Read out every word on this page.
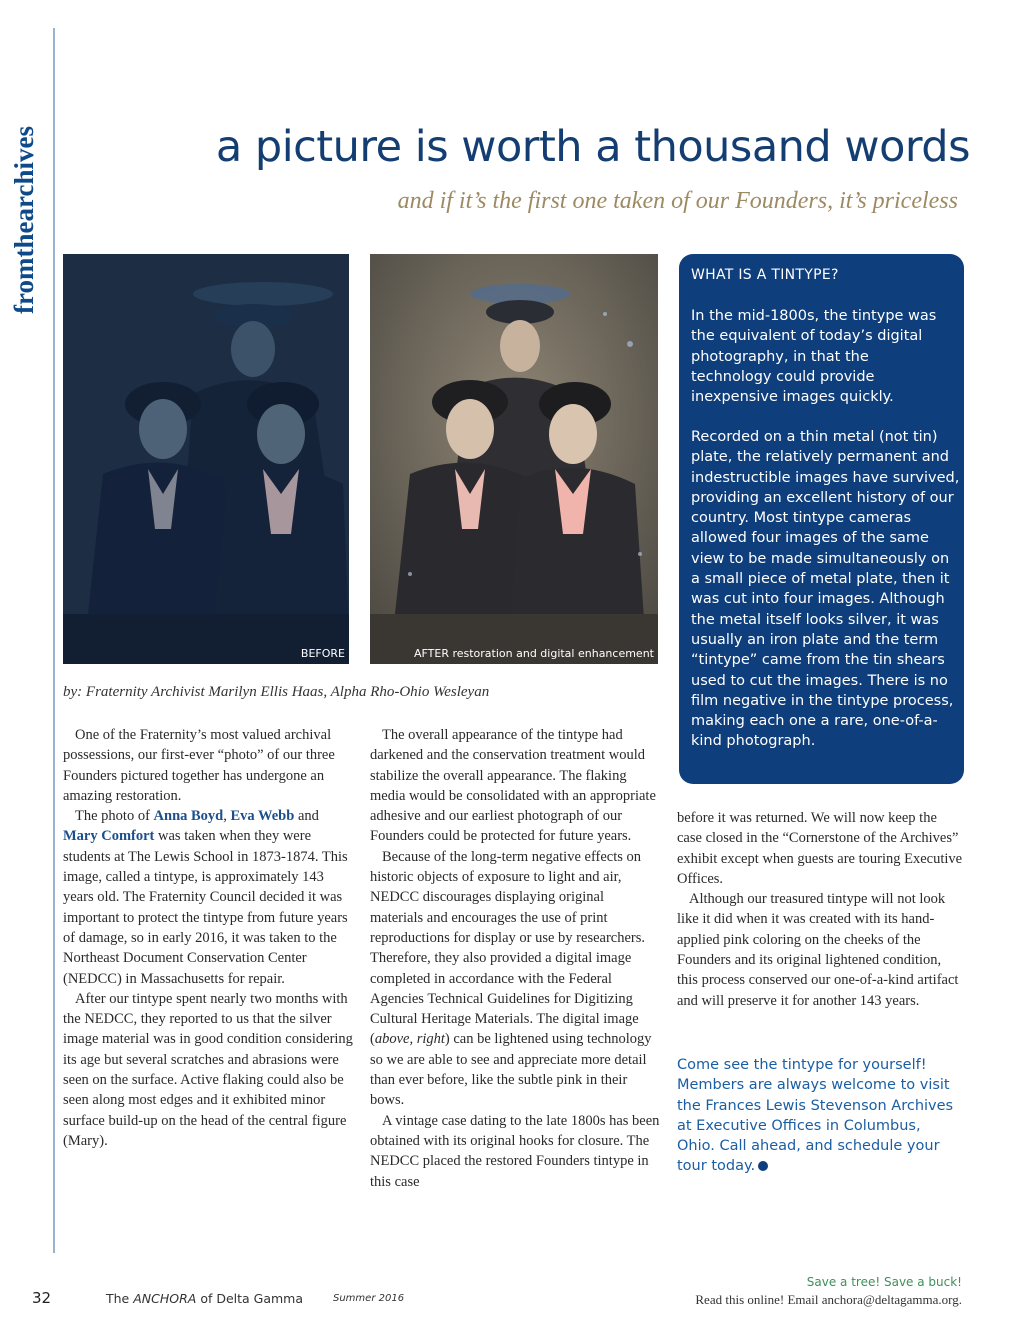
fromthearchives	a picture is worth a thousand words
and if it’s the first one taken of our Founders, it’s priceless
BEFORE	AFTER restoration and digital enhancement
WHAT IS A TINTYPE?
In the mid-1800s, the tintype was the equivalent of today’s digital photography, in that the technology could provide inexpensive images quickly.
Recorded on a thin metal (not tin) plate, the relatively permanent and indestructible images have survived, providing an excellent history of our country. Most tintype cameras allowed four images of the same view to be made simultaneously on a small piece of metal plate, then it was cut into four images. Although the metal itself looks silver, it was usually an iron plate and the term “tintype” came from the tin shears used to cut the images. There is no film negative in the tintype process, making each one a rare, one-of-a-kind photograph.
by: Fraternity Archivist Marilyn Ellis Haas, Alpha Rho-Ohio Wesleyan

One of the Fraternity’s most valued archival possessions, our first-ever “photo” of our three Founders pictured together has undergone an amazing restoration.

The photo of Anna Boyd, Eva Webb and Mary Comfort was taken when they were students at The Lewis School in 1873-1874. This image, called a tintype, is approximately 143 years old. The Fraternity Council decided it was important to protect the tintype from future years of damage, so in early 2016, it was taken to the Northeast Document Conservation Center (NEDCC) in Massachusetts for repair.

After our tintype spent nearly two months with the NEDCC, they reported to us that the silver image material was in good condition considering its age but several scratches and abrasions were seen on the surface. Active flaking could also be seen along most edges and it exhibited minor surface build-up on the head of the central figure (Mary).

The overall appearance of the tintype had darkened and the conservation treatment would stabilize the overall appearance. The flaking media would be consolidated with an appropriate adhesive and our earliest photograph of our Founders could be protected for future years.

Because of the long-term negative effects on historic objects of exposure to light and air, NEDCC discourages displaying original materials and encourages the use of print reproductions for display or use by researchers. Therefore, they also provided a digital image completed in accordance with the Federal Agencies Technical Guidelines for Digitizing Cultural Heritage Materials. The digital image (above, right) can be lightened using technology so we are able to see and appreciate more detail than ever before, like the subtle pink in their bows.

A vintage case dating to the late 1800s has been obtained with its original hooks for closure. The NEDCC placed the restored Founders tintype in this case

before it was returned. We will now keep the case closed in the “Cornerstone of the Archives” exhibit except when guests are touring Executive Offices.

Although our treasured tintype will not look like it did when it was created with its hand-applied pink coloring on the cheeks of the Founders and its original lightened condition, this process conserved our one-of-a-kind artifact and will preserve it for another 143 years.

Come see the tintype for yourself! Members are always welcome to visit the Frances Lewis Stevenson Archives at Executive Offices in Columbus, Ohio. Call ahead, and schedule your tour today.
32	The ANCHORA of Delta Gamma	Summer 2016
Save a tree! Save a buck!
Read this online! Email anchora@deltagamma.org.
